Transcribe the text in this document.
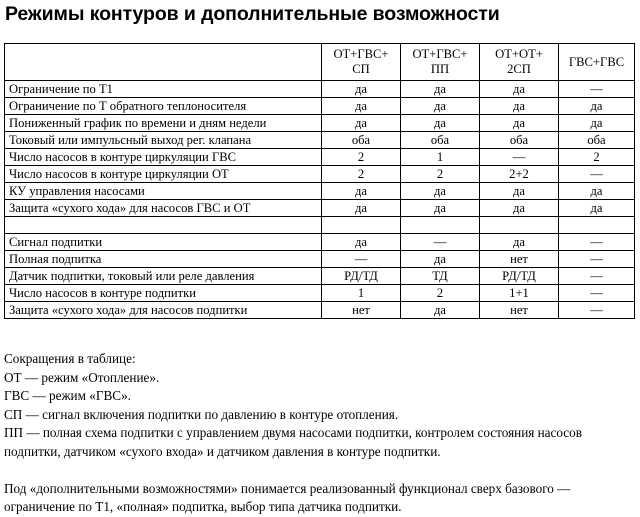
Режимы контуров и дополнительные возможности
	ОТ+ГВС+ СП	ОТ+ГВС+ ПП	ОТ+ОТ+ 2СП	ГВС+ГВС
Ограничение по Т1	да	да	да	—
Ограничение по Т обратного теплоносителя	да	да	да	да
Пониженный график по времени и дням недели	да	да	да	да
Токовый или импульсный выход рег. клапана	оба	оба	оба	оба
Число насосов в контуре циркуляции ГВС	2	1	—	2
Число насосов в контуре циркуляции ОТ	2	2	2+2	—
КУ управления насосами	да	да	да	да
Защита «сухого хода» для насосов ГВС и ОТ	да	да	да	да

Сигнал подпитки	да	—	да	—
Полная подпитка	—	да	нет	—
Датчик подпитки, токовый или реле давления	РД/ТД	ТД	РД/ТД	—
Число насосов в контуре подпитки	1	2	1+1	—
Защита «сухого хода» для насосов подпитки	нет	да	нет	—

Сокращения в таблице:

ОТ — режим «Отопление».

ГВС — режим «ГВС».

СП — сигнал включения подпитки по давлению в контуре отопления.

ПП — полная схема подпитки с управлением двумя насосами подпитки, контролем состояния насосов подпитки, датчиком «сухого входа» и датчиком давления в контуре подпитки.

Под «дополнительными возможностями» понимается реализованный функционал сверх базового — ограничение по Т1, «полная» подпитка, выбор типа датчика подпитки.
